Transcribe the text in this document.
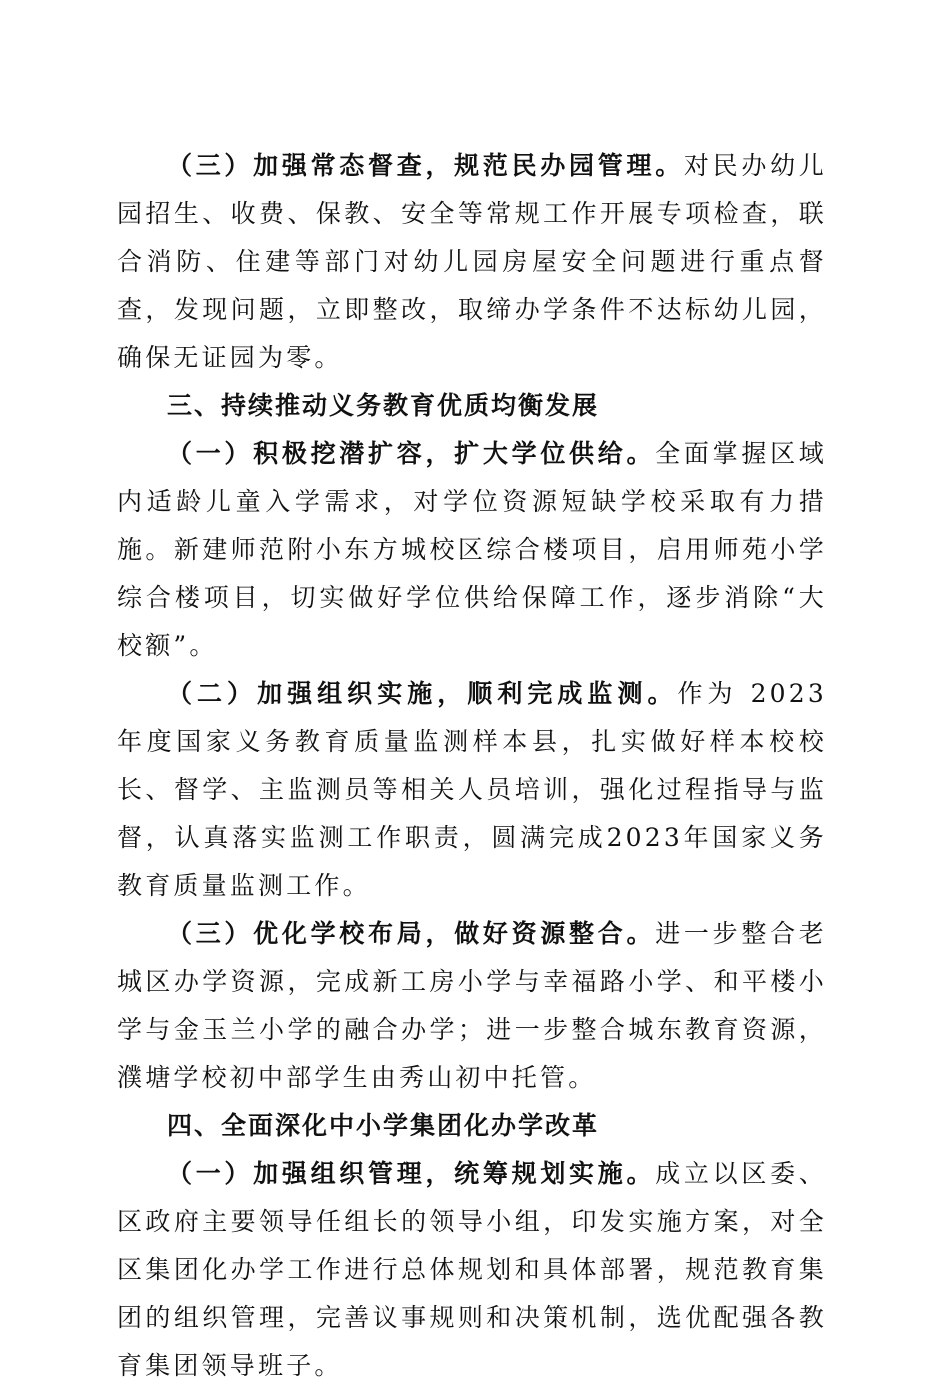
（三）加强常态督查，规范民办园管理。对民办幼儿园招生、收费、保教、安全等常规工作开展专项检查，联合消防、住建等部门对幼儿园房屋安全问题进行重点督查，发现问题，立即整改，取缔办学条件不达标幼儿园，确保无证园为零。

三、持续推动义务教育优质均衡发展

（一）积极挖潜扩容，扩大学位供给。全面掌握区域内适龄儿童入学需求，对学位资源短缺学校采取有力措施。新建师范附小东方城校区综合楼项目，启用师苑小学综合楼项目，切实做好学位供给保障工作，逐步消除“大校额”。

（二）加强组织实施，顺利完成监测。作为 2023 年度国家义务教育质量监测样本县，扎实做好样本校校长、督学、主监测员等相关人员培训，强化过程指导与监督，认真落实监测工作职责，圆满完成2023年国家义务教育质量监测工作。

（三）优化学校布局，做好资源整合。进一步整合老城区办学资源，完成新工房小学与幸福路小学、和平楼小学与金玉兰小学的融合办学；进一步整合城东教育资源，濮塘学校初中部学生由秀山初中托管。

四、全面深化中小学集团化办学改革

（一）加强组织管理，统筹规划实施。成立以区委、区政府主要领导任组长的领导小组，印发实施方案，对全区集团化办学工作进行总体规划和具体部署，规范教育集团的组织管理，完善议事规则和决策机制，选优配强各教育集团领导班子。
